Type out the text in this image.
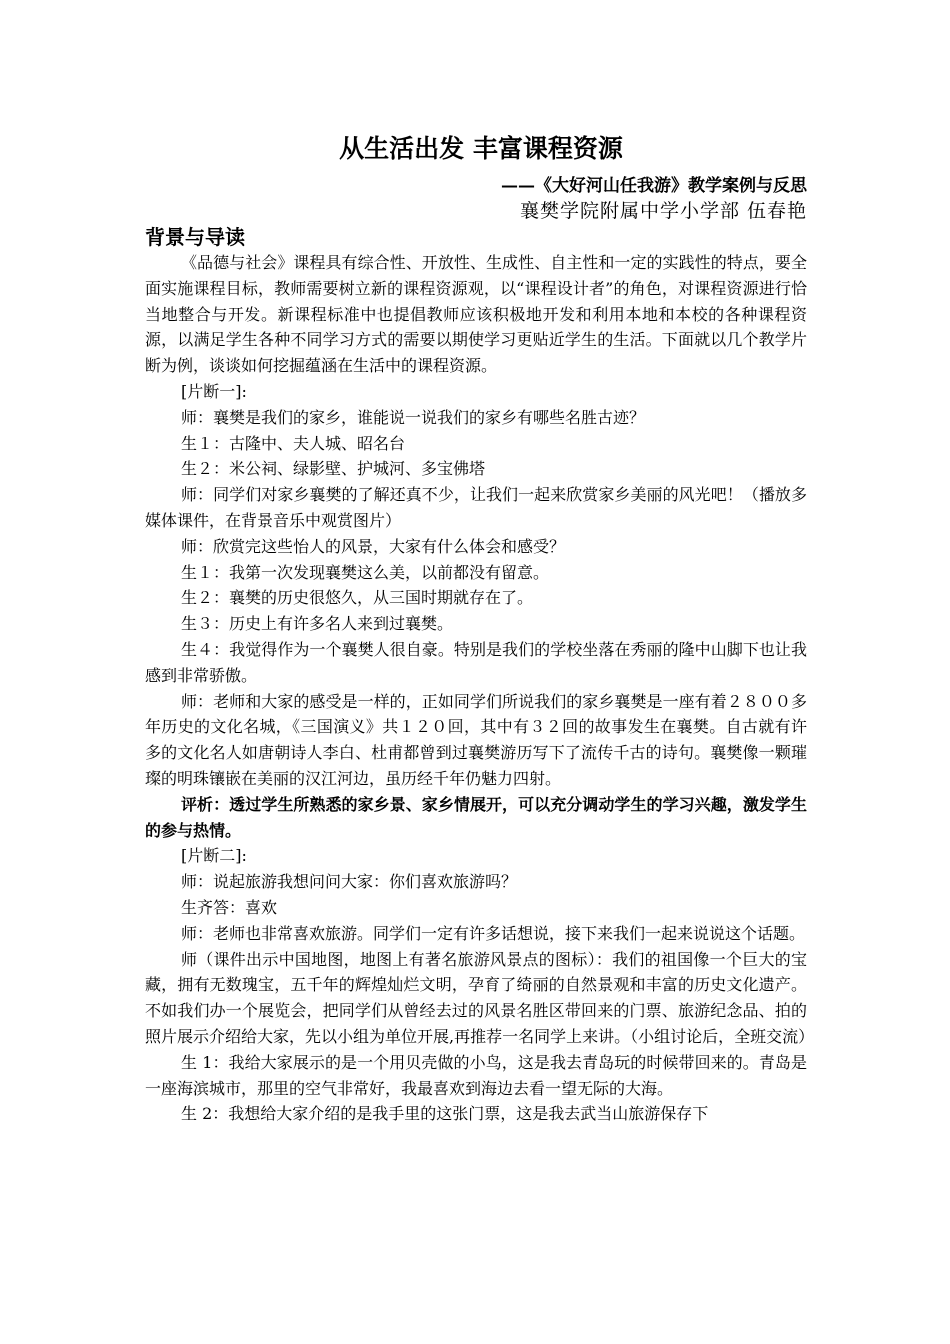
从生活出发 丰富课程资源

——《大好河山任我游》教学案例与反思

襄樊学院附属中学小学部 伍春艳

背景与导读

《品德与社会》课程具有综合性、开放性、生成性、自主性和一定的实践性的特点，要全面实施课程目标，教师需要树立新的课程资源观，以“课程设计者”的角色，对课程资源进行恰当地整合与开发。新课程标准中也提倡教师应该积极地开发和利用本地和本校的各种课程资源，以满足学生各种不同学习方式的需要以期使学习更贴近学生的生活。下面就以几个教学片断为例，谈谈如何挖掘蕴涵在生活中的课程资源。

[片断一]:

师：襄樊是我们的家乡，谁能说一说我们的家乡有哪些名胜古迹？

生１：古隆中、夫人城、昭名台

生２：米公祠、绿影壁、护城河、多宝佛塔

师：同学们对家乡襄樊的了解还真不少，让我们一起来欣赏家乡美丽的风光吧！（播放多媒体课件，在背景音乐中观赏图片）

师：欣赏完这些怡人的风景，大家有什么体会和感受？

生１：我第一次发现襄樊这么美，以前都没有留意。

生２：襄樊的历史很悠久，从三国时期就存在了。

生３：历史上有许多名人来到过襄樊。

生４：我觉得作为一个襄樊人很自豪。特别是我们的学校坐落在秀丽的隆中山脚下也让我感到非常骄傲。

师：老师和大家的感受是一样的，正如同学们所说我们的家乡襄樊是一座有着２８００多年历史的文化名城，《三国演义》共１２０回，其中有３２回的故事发生在襄樊。自古就有许多的文化名人如唐朝诗人李白、杜甫都曾到过襄樊游历写下了流传千古的诗句。襄樊像一颗璀璨的明珠镶嵌在美丽的汉江河边，虽历经千年仍魅力四射。

评析：透过学生所熟悉的家乡景、家乡情展开，可以充分调动学生的学习兴趣，激发学生的参与热情。

[片断二]:

师：说起旅游我想问问大家：你们喜欢旅游吗？

生齐答：喜欢

师：老师也非常喜欢旅游。同学们一定有许多话想说，接下来我们一起来说说这个话题。

师（课件出示中国地图，地图上有著名旅游风景点的图标）：我们的祖国像一个巨大的宝藏，拥有无数瑰宝，五千年的辉煌灿烂文明，孕育了绮丽的自然景观和丰富的历史文化遗产。不如我们办一个展览会，把同学们从曾经去过的风景名胜区带回来的门票、旅游纪念品、拍的照片展示介绍给大家，先以小组为单位开展,再推荐一名同学上来讲。（小组讨论后，全班交流）

生 1：我给大家展示的是一个用贝壳做的小鸟，这是我去青岛玩的时候带回来的。青岛是一座海滨城市，那里的空气非常好，我最喜欢到海边去看一望无际的大海。

生 2：我想给大家介绍的是我手里的这张门票，这是我去武当山旅游保存下
